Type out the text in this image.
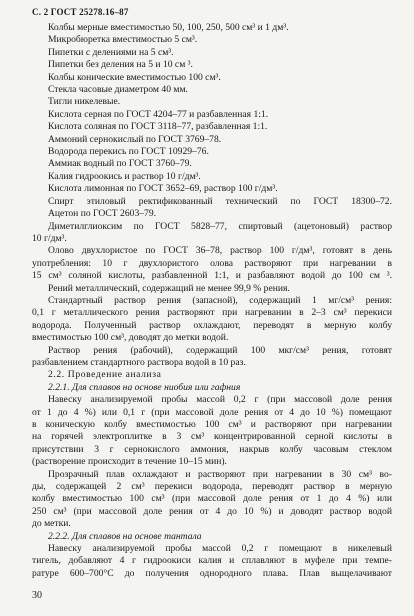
С. 2 ГОСТ 25278.16–87
Колбы мерные вместимостью 50, 100, 250, 500 см³ и 1 дм³.
Микробюретка вместимостью 5 см³.
Пипетки с делениями на 5 см³.
Пипетки без деления на 5 и 10 см ³.
Колбы конические вместимостью 100 см³.
Стекла часовые диаметром 40 мм.
Тигли никелевые.
Кислота серная по ГОСТ 4204–77 и разбавленная 1:1.
Кислота соляная по ГОСТ 3118–77, разбавленная 1:1.
Аммоний сернокислый по ГОСТ 3769–78.
Водорода перекись по ГОСТ 10929–76.
Аммиак водный по ГОСТ 3760–79.
Калия гидроокись и раствор 10 г/дм³.
Кислота лимонная по ГОСТ 3652–69, раствор 100 г/дм³.
Спирт этиловый ректификованный технический по ГОСТ 18300–72.
Ацетон по ГОСТ 2603–79.
Диметилглиоксим по ГОСТ 5828–77, спиртовый (ацетоновый) раствор
10 г/дм³.
Олово двухлористое по ГОСТ 36–78, раствор 100 г/дм³, готовят в день
употребления: 10 г двухлористого олова растворяют при нагревании в
15 см³ соляной кислоты, разбавленной 1:1, и разбавляют водой до 100 см ³.
Рений металлический, содержащий не менее 99,9 % рения.
Стандартный раствор рения (запасной), содержащий 1 мг/см³ рения:
0,1 г металлического рения растворяют при нагревании в 2–3 см³ перекиси
водорода. Полученный раствор охлаждают, переводят в мерную колбу
вместимостью 100 см³, доводят до метки водой.
Раствор рения (рабочий), содержащий 100 мкг/см³ рения, готовят
разбавлением стандартного раствора водой в 10 раз.
2.2. Проведение анализа
2.2.1. Для сплавов на основе ниобия или гафния
Навеску анализируемой пробы массой 0,2 г (при массовой доле рения
от 1 до 4 %) или 0,1 г (при массовой доле рения от 4 до 10 %) помещают
в коническую колбу вместимостью 100 см³ и растворяют при нагревании
на горячей электроплитке в 3 см³ концентрированной серной кислоты в
присутствии 3 г сернокислого аммония, накрыв колбу часовым стеклом
(растворение происходит в течение 10–15 мин).
Прозрачный плав охлаждают и растворяют при нагревании в 30 см³ во-
ды, содержащей 2 см³ перекиси водорода, переводят раствор в мерную
колбу вместимостью 100 см³ (при массовой доле рения от 1 до 4 %) или
250 см³ (при массовой доле рения от 4 до 10 %) и доводят раствор водой
до метки.
2.2.2. Для сплавов на основе тантала
Навеску анализируемой пробы массой 0,2 г помещают в никелевый
тигель, добавляют 4 г гидроокиси калия и сплавляют в муфеле при темпе-
ратуре 600–700°С до получения однородного плава. Плав выщелачивают
30
